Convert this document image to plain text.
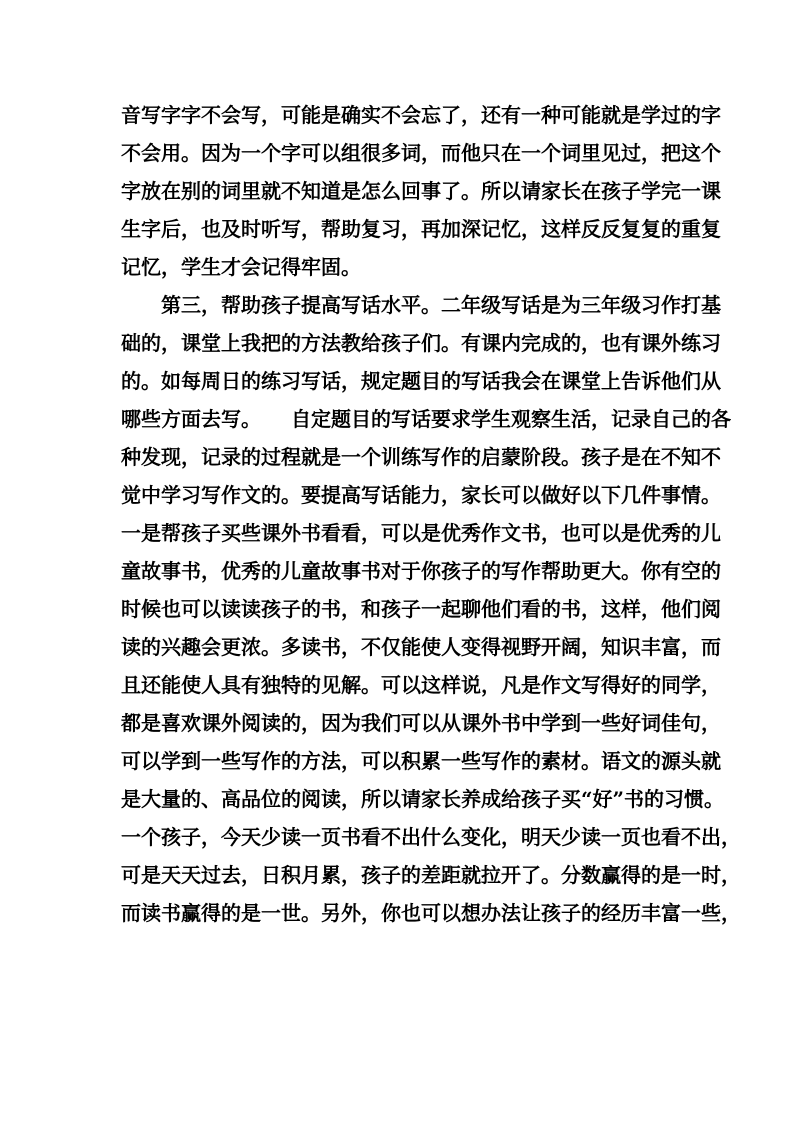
音写字字不会写，可能是确实不会忘了，还有一种可能就是学过的字
不会用。因为一个字可以组很多词，而他只在一个词里见过，把这个
字放在别的词里就不知道是怎么回事了。所以请家长在孩子学完一课
生字后，也及时听写，帮助复习，再加深记忆，这样反反复复的重复
记忆，学生才会记得牢固。
第三，帮助孩子提高写话水平。二年级写话是为三年级习作打基
础的，课堂上我把的方法教给孩子们。有课内完成的，也有课外练习
的。如每周日的练习写话，规定题目的写话我会在课堂上告诉他们从
哪些方面去写。　　自定题目的写话要求学生观察生活，记录自己的各
种发现，记录的过程就是一个训练写作的启蒙阶段。孩子是在不知不
觉中学习写作文的。要提高写话能力，家长可以做好以下几件事情。
一是帮孩子买些课外书看看，可以是优秀作文书，也可以是优秀的儿
童故事书，优秀的儿童故事书对于你孩子的写作帮助更大。你有空的
时候也可以读读孩子的书，和孩子一起聊他们看的书，这样，他们阅
读的兴趣会更浓。多读书，不仅能使人变得视野开阔，知识丰富，而
且还能使人具有独特的见解。可以这样说，凡是作文写得好的同学，
都是喜欢课外阅读的，因为我们可以从课外书中学到一些好词佳句，
可以学到一些写作的方法，可以积累一些写作的素材。语文的源头就
是大量的、高品位的阅读，所以请家长养成给孩子买“好”书的习惯。
一个孩子，今天少读一页书看不出什么变化，明天少读一页也看不出，
可是天天过去，日积月累，孩子的差距就拉开了。分数赢得的是一时，
而读书赢得的是一世。另外，你也可以想办法让孩子的经历丰富一些，
